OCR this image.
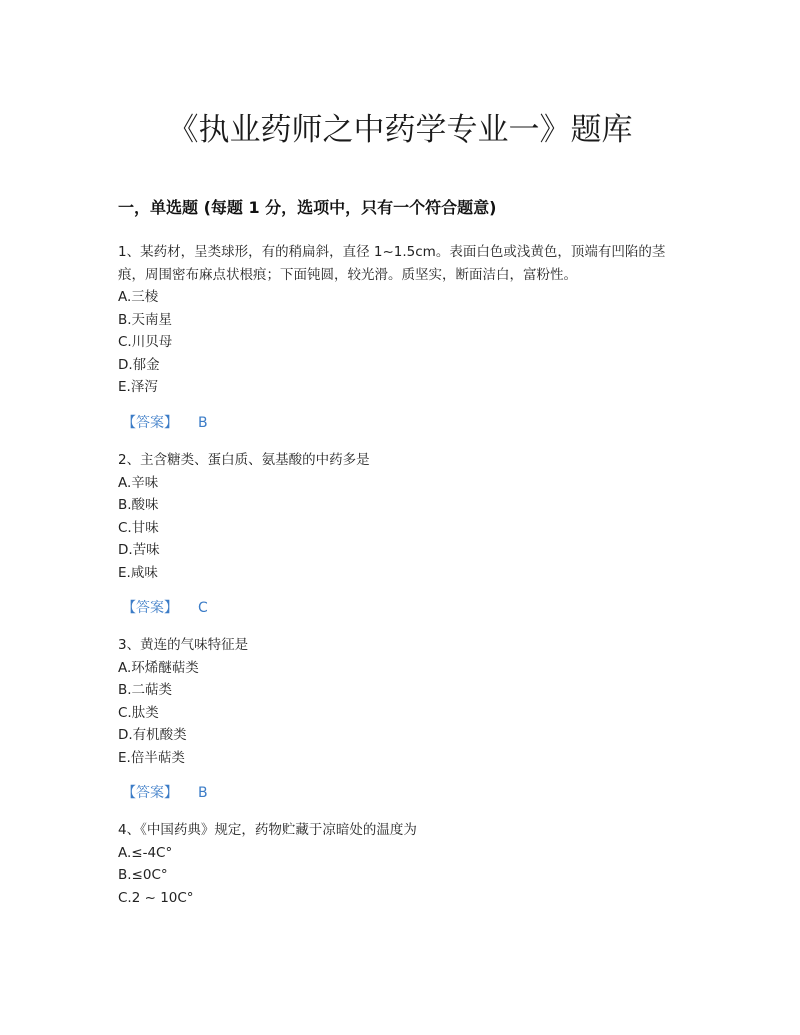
《执业药师之中药学专业一》题库
一，单选题 (每题 1 分，选项中，只有一个符合题意)

1、某药材，呈类球形，有的稍扁斜，直径 1~1.5cm。表面白色或浅黄色，顶端有凹陷的茎痕，周围密布麻点状根痕；下面钝圆，较光滑。质坚实，断面洁白，富粉性。

A.三棱

B.天南星

C.川贝母

D.郁金

E.泽泻

【答案】 B

2、主含糖类、蛋白质、氨基酸的中药多是

A.辛味

B.酸味

C.甘味

D.苦味

E.咸味

【答案】 C

3、黄连的气味特征是

A.环烯醚萜类

B.二萜类

C.肽类

D.有机酸类

E.倍半萜类

【答案】 B

4、《中国药典》规定，药物贮藏于凉暗处的温度为

A.≤-4C°

B.≤0C°

C.2 ~ 10C°
